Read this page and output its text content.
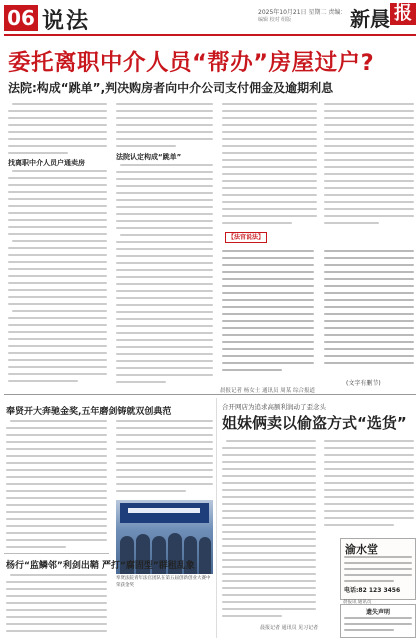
06 说法	2025年10月21日 星期二 责编：
编辑 校对 组版	新晨 报
委托离职中介人员“帮办”房屋过户?
法院:构成“跳单”,判决购房者向中介公司支付佣金及逾期利息
找离职中介人员户通卖房
法院认定构成“跳单”
【法官说法】
(文字有删节)
晨报记者 杨女士 通讯员 周某 综合报道
奉贤开大奔驰金奖,五年磨剑铸就双创典范
奉贤法院青年法官团队在第五届创新创业大赛中荣获金奖
杨行“监鳞邻”利剑出鞘 严打“腐固型”群租乱象
合开网店为追求高额利润动了歪念头
姐妹俩卖以偷盗方式“选货”
晨报记者 通讯员 见习记者
渝水堂
电话:82 123 3456
晨报讯 通讯员
遗失声明
